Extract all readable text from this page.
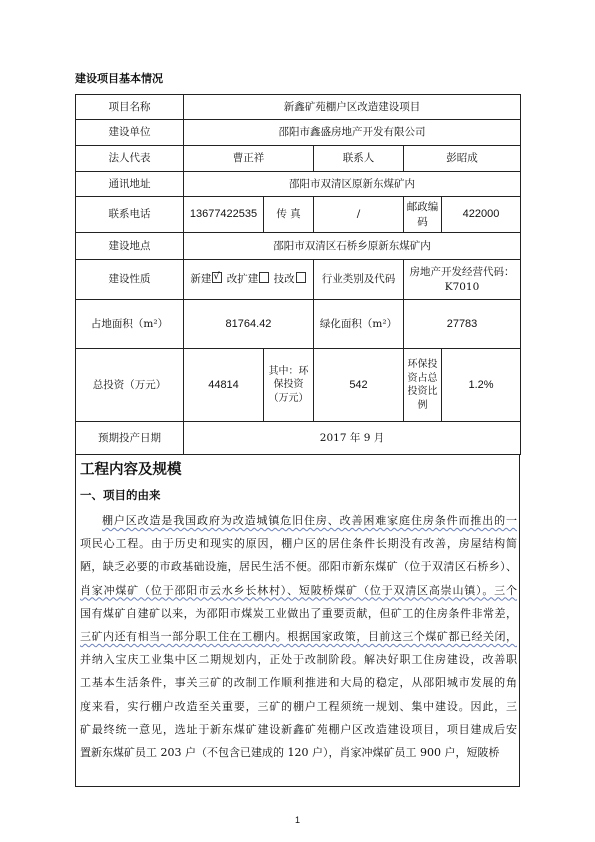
建设项目基本情况
项目名称	新鑫矿苑棚户区改造建设项目				
建设单位	邵阳市鑫盛房地产开发有限公司				
法人代表	曹正祥		联系人	彭昭成	
通讯地址	邵阳市双清区原新东煤矿内				
联系电话	13677422535	传 真	/	邮政编码	422000
建设地点	邵阳市双清区石桥乡原新东煤矿内				
建设性质	新建 √ 改扩建 技改		行业类别及代码	房地产开发经营代码：K7010	
占地面积（m²）	81764.42		绿化面积（m²）	27783	
总投资（万元）	44814	其中：环保投资（万元）	542	环保投资占总投资比例	1.2%
预期投产日期	2017 年 9 月				
工程内容及规模
一、项目的由来
棚户区改造是我国政府为改造城镇危旧住房、改善困难家庭住房条件而推出的一
项民心工程。由于历史和现实的原因，棚户区的居住条件长期没有改善，房屋结构简
陋，缺乏必要的市政基础设施，居民生活不便。邵阳市新东煤矿（位于双清区石桥乡）、
肖家冲煤矿（位于邵阳市云水乡长林村）、短陂桥煤矿（位于双清区高崇山镇）。三个
国有煤矿自建矿以来，为邵阳市煤炭工业做出了重要贡献，但矿工的住房条件非常差，
三矿内还有相当一部分职工住在工棚内。根据国家政策，目前这三个煤矿都已经关闭，
并纳入宝庆工业集中区二期规划内，正处于改制阶段。解决好职工住房建设，改善职
工基本生活条件，事关三矿的改制工作顺利推进和大局的稳定，从邵阳城市发展的角
度来看，实行棚户改造至关重要，三矿的棚户工程须统一规划、集中建设。因此，三
矿最终统一意见，选址于新东煤矿建设新鑫矿苑棚户区改造建设项目，项目建成后安
置新东煤矿员工 203 户（不包含已建成的 120 户），肖家冲煤矿员工 900 户，短陂桥
1
